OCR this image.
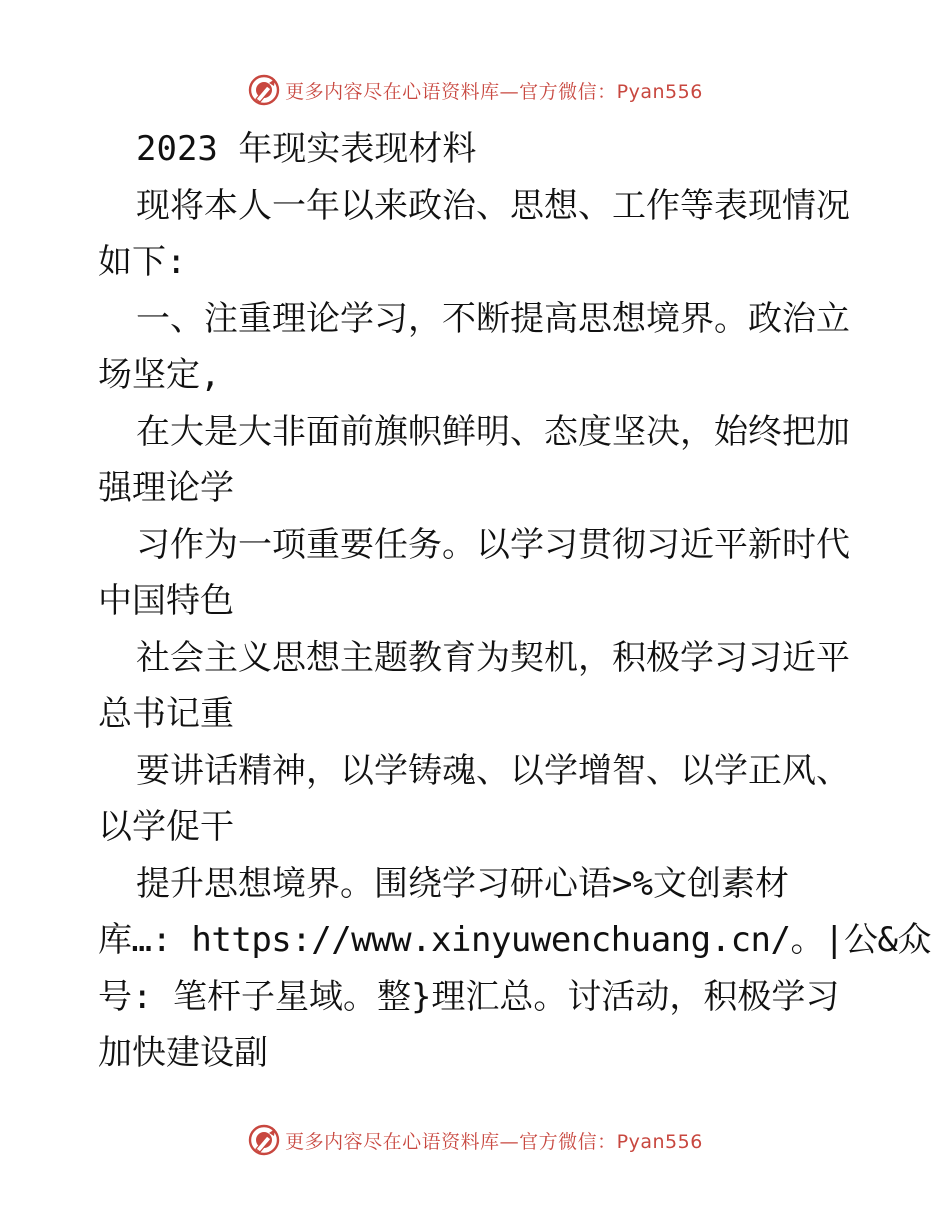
更多内容尽在心语资料库—官方微信：Pyan556
2023 年现实表现材料
现将本人一年以来政治、思想、工作等表现情况
如下:
一、注重理论学习，不断提高思想境界。政治立
场坚定,
在大是大非面前旗帜鲜明、态度坚决，始终把加
强理论学
习作为一项重要任务。以学习贯彻习近平新时代
中国特色
社会主义思想主题教育为契机，积极学习习近平
总书记重
要讲话精神，以学铸魂、以学增智、以学正风、
以学促干
提升思想境界。围绕学习研心语>%文创素材
库…: https://www.xinyuwenchuang.cn/。|公&众
号: 笔杆子星域。整}理汇总。讨活动，积极学习
加快建设副
更多内容尽在心语资料库—官方微信：Pyan556
